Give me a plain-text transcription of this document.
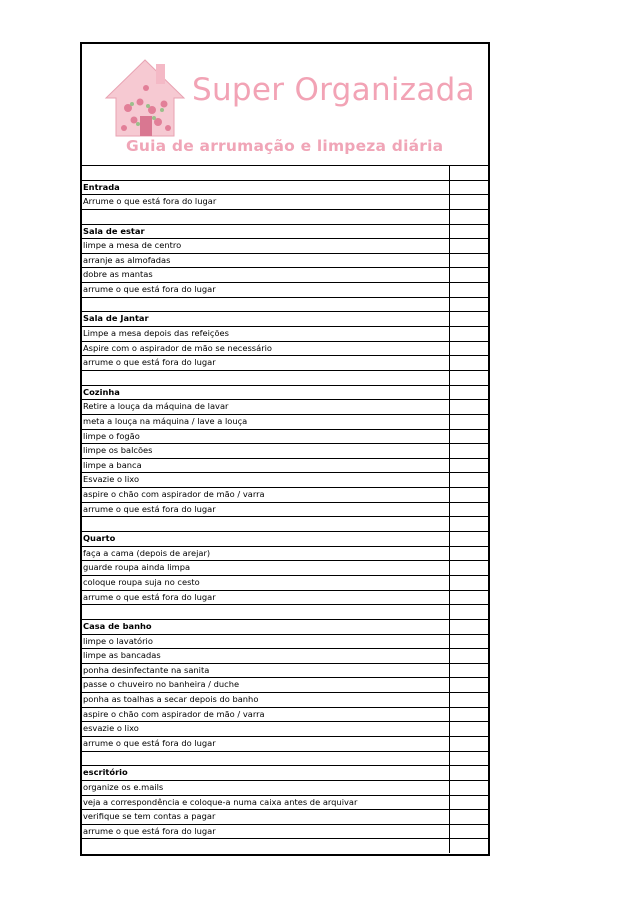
Super Organizada
Guia de arrumação e limpeza diária
Entrada
Arrume o que está fora do lugar
Sala de estar
limpe a mesa de centro
arranje as almofadas
dobre as mantas
arrume o que está fora do lugar
Sala de Jantar
Limpe a mesa depois das refeições
Aspire com o aspirador de mão se necessário
arrume o que está fora do lugar
Cozinha
Retire a louça da máquina de lavar
meta a louça na máquina / lave a louça
limpe o fogão
limpe os balcões
limpe a banca
Esvazie o lixo
aspire o chão com aspirador de mão / varra
arrume o que está fora do lugar
Quarto
faça a cama (depois de arejar)
guarde roupa ainda limpa
coloque roupa suja no cesto
arrume o que está fora do lugar
Casa de banho
limpe o lavatório
limpe as bancadas
ponha desinfectante na sanita
passe o chuveiro no banheira / duche
ponha as toalhas a secar depois do banho
aspire o chão com aspirador de mão / varra
esvazie o lixo
arrume o que está fora do lugar
escritório
organize os e.mails
veja a correspondência e coloque-a numa caixa antes de arquivar
verifique se tem contas a pagar
arrume o que está fora do lugar
